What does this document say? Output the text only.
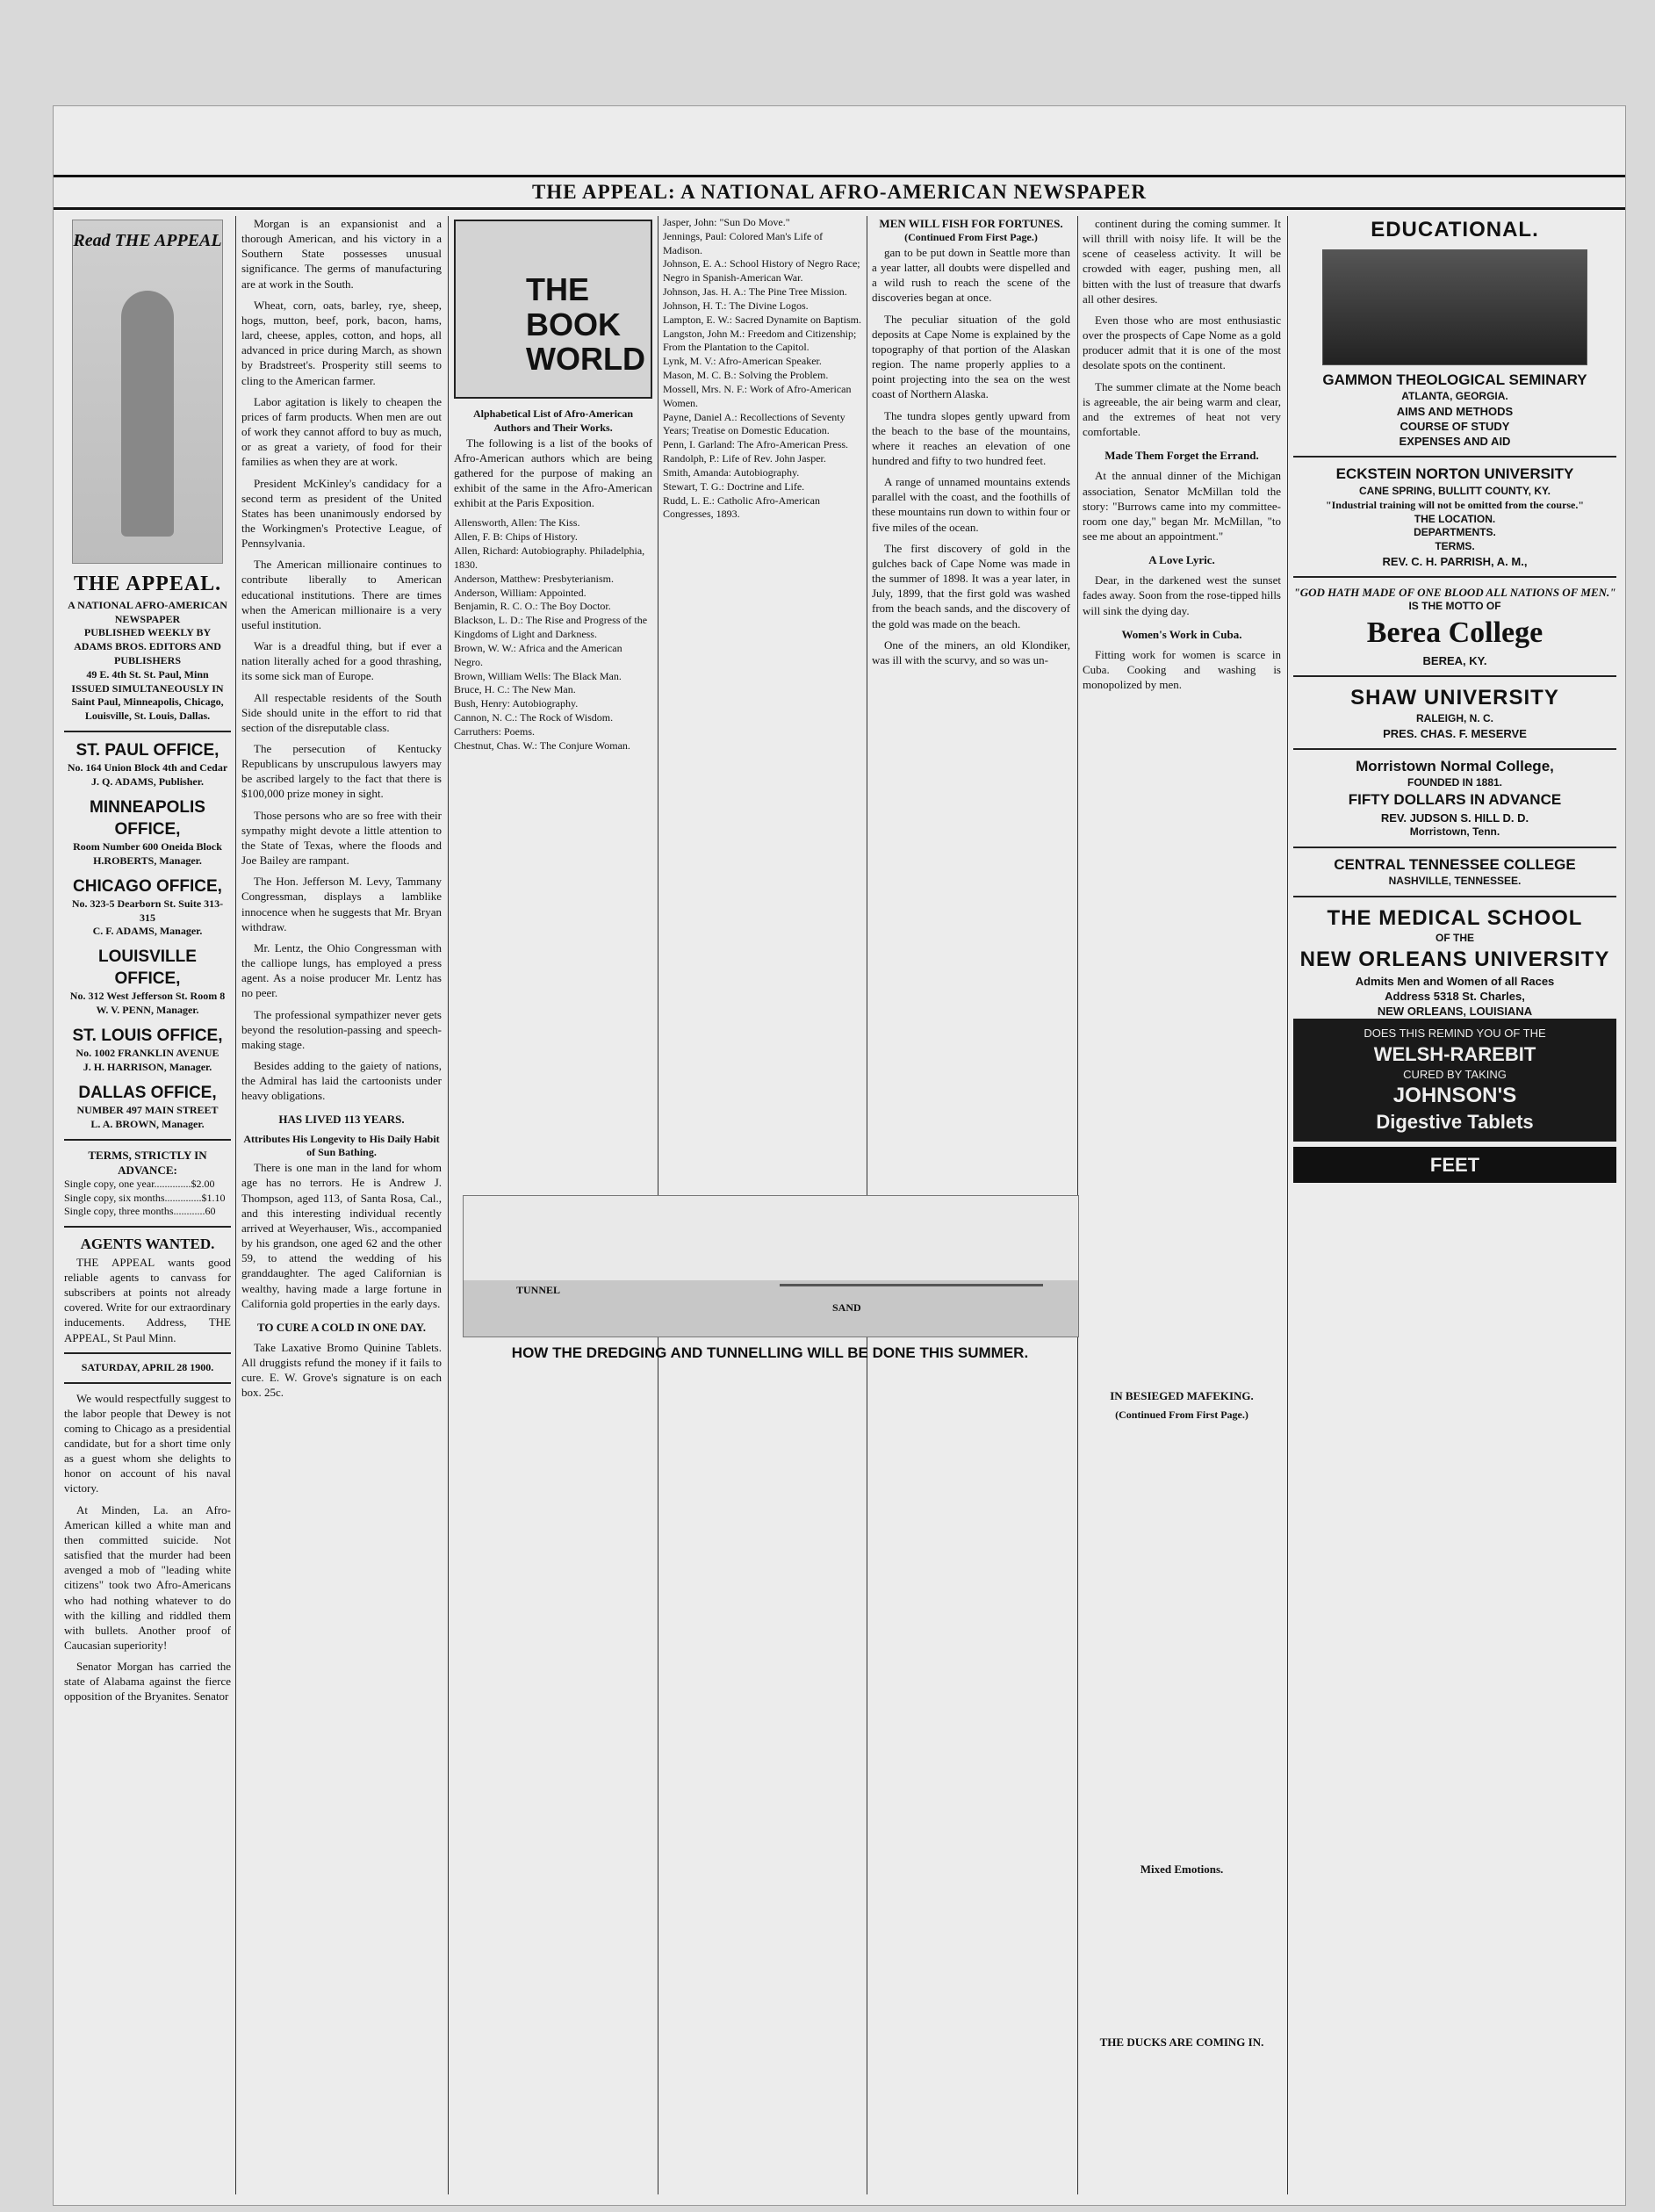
THE APPEAL: A NATIONAL AFRO-AMERICAN NEWSPAPER
Read THE APPEAL
THE APPEAL.
A NATIONAL AFRO-AMERICAN NEWSPAPER
PUBLISHED WEEKLY BY
ADAMS BROS. EDITORS AND PUBLISHERS
49 E. 4th St. St. Paul, Minn
ISSUED SIMULTANEOUSLY IN
Saint Paul, Minneapolis, Chicago, Louisville, St. Louis, Dallas.
ST. PAUL OFFICE,
No. 164 Union Block 4th and Cedar
J. Q. ADAMS, Publisher.
MINNEAPOLIS OFFICE,
Room Number 600 Oneida Block
H.ROBERTS, Manager.
CHICAGO OFFICE,
No. 323-5 Dearborn St. Suite 313-315
C. F. ADAMS, Manager.
LOUISVILLE OFFICE,
No. 312 West Jefferson St. Room 8
W. V. PENN, Manager.
ST. LOUIS OFFICE,
No. 1002 FRANKLIN AVENUE
J. H. HARRISON, Manager.
DALLAS OFFICE,
NUMBER 497 MAIN STREET
L. A. BROWN, Manager.
TERMS, STRICTLY IN ADVANCE:
Single copy, one year..............$2.00
Single copy, six months..............$1.10
Single copy, three months............60
AGENTS WANTED.

THE APPEAL wants good reliable agents to canvass for subscribers at points not already covered. Write for our extraordinary inducements. Address, THE APPEAL, St Paul Minn.

SATURDAY, APRIL 28 1900.

We would respectfully suggest to the labor people that Dewey is not coming to Chicago as a presidential candidate, but for a short time only as a guest whom she delights to honor on account of his naval victory.

At Minden, La. an Afro-American killed a white man and then committed suicide. Not satisfied that the murder had been avenged a mob of "leading white citizens" took two Afro-Americans who had nothing whatever to do with the killing and riddled them with bullets. Another proof of Caucasian superiority!

Senator Morgan has carried the state of Alabama against the fierce opposition of the Bryanites. Senator

Morgan is an expansionist and a thorough American, and his victory in a Southern State possesses unusual significance. The germs of manufacturing are at work in the South.

Wheat, corn, oats, barley, rye, sheep, hogs, mutton, beef, pork, bacon, hams, lard, cheese, apples, cotton, and hops, all advanced in price during March, as shown by Bradstreet's. Prosperity still seems to cling to the American farmer.

Labor agitation is likely to cheapen the prices of farm products. When men are out of work they cannot afford to buy as much, or as great a variety, of food for their families as when they are at work.

President McKinley's candidacy for a second term as president of the United States has been unanimously endorsed by the Workingmen's Protective League, of Pennsylvania.

The American millionaire continues to contribute liberally to American educational institutions. There are times when the American millionaire is a very useful institution.

War is a dreadful thing, but if ever a nation literally ached for a good thrashing, its some sick man of Europe.

All respectable residents of the South Side should unite in the effort to rid that section of the disreputable class.

The persecution of Kentucky Republicans by unscrupulous lawyers may be ascribed largely to the fact that there is $100,000 prize money in sight.

Those persons who are so free with their sympathy might devote a little attention to the State of Texas, where the floods and Joe Bailey are rampant.

The Hon. Jefferson M. Levy, Tammany Congressman, displays a lamblike innocence when he suggests that Mr. Bryan withdraw.

Mr. Lentz, the Ohio Congressman with the calliope lungs, has employed a press agent. As a noise producer Mr. Lentz has no peer.

The professional sympathizer never gets beyond the resolution-passing and speech-making stage.

Besides adding to the gaiety of nations, the Admiral has laid the cartoonists under heavy obligations.

HAS LIVED 113 YEARS.
Attributes His Longevity to His Daily Habit of Sun Bathing.

There is one man in the land for whom age has no terrors. He is Andrew J. Thompson, aged 113, of Santa Rosa, Cal., and this interesting individual recently arrived at Weyerhauser, Wis., accompanied by his grandson, one aged 62 and the other 59, to attend the wedding of his granddaughter. The aged Californian is wealthy, having made a large fortune in California gold properties in the early days.

TO CURE A COLD IN ONE DAY.

Take Laxative Bromo Quinine Tablets. All druggists refund the money if it fails to cure. E. W. Grove's signature is on each box. 25c.

THE BOOK WORLD
Alphabetical List of Afro-American Authors and Their Works.

The following is a list of the books of Afro-American authors which are being gathered for the purpose of making an exhibit of the same in the Afro-American exhibit at the Paris Exposition.

Allensworth, Allen: The Kiss.
Allen, F. B: Chips of History.
Allen, Richard: Autobiography. Philadelphia, 1830.
Anderson, Matthew: Presbyterianism.
Anderson, William: Appointed.
Benjamin, R. C. O.: The Boy Doctor.
Blackson, L. D.: The Rise and Progress of the Kingdoms of Light and Darkness.
Brown, W. W.: Africa and the American Negro.
Brown, William Wells: The Black Man.
Bruce, H. C.: The New Man.
Bush, Henry: Autobiography.
Cannon, N. C.: The Rock of Wisdom.
Carruthers: Poems.
Chestnut, Chas. W.: The Conjure Woman.
Jasper, John: "Sun Do Move."
Jennings, Paul: Colored Man's Life of Madison.
Johnson, E. A.: School History of Negro Race; Negro in Spanish-American War.
Johnson, Jas. H. A.: The Pine Tree Mission.
Johnson, H. T.: The Divine Logos.
Lampton, E. W.: Sacred Dynamite on Baptism.
Langston, John M.: Freedom and Citizenship; From the Plantation to the Capitol.
Lynk, M. V.: Afro-American Speaker.
Mason, M. C. B.: Solving the Problem.
Mossell, Mrs. N. F.: Work of Afro-American Women.
Payne, Daniel A.: Recollections of Seventy Years; Treatise on Domestic Education.
Penn, I. Garland: The Afro-American Press.
Randolph, P.: Life of Rev. John Jasper.
Smith, Amanda: Autobiography.
Stewart, T. G.: Doctrine and Life.
Rudd, L. E.: Catholic Afro-American Congresses, 1893.
MEN WILL FISH FOR FORTUNES.
(Continued From First Page.)

gan to be put down in Seattle more than a year latter, all doubts were dispelled and a wild rush to reach the scene of the discoveries began at once.

The peculiar situation of the gold deposits at Cape Nome is explained by the topography of that portion of the Alaskan region. The name properly applies to a point projecting into the sea on the west coast of Northern Alaska.

The tundra slopes gently upward from the beach to the base of the mountains, where it reaches an elevation of one hundred and fifty to two hundred feet.

A range of unnamed mountains extends parallel with the coast, and the foothills of these mountains run down to within four or five miles of the ocean.

The first discovery of gold in the gulches back of Cape Nome was made in the summer of 1898. It was a year later, in July, 1899, that the first gold was washed from the beach sands, and the discovery of the gold was made on the beach.

One of the miners, an old Klondiker, was ill with the scurvy, and so was un-

continent during the coming summer. It will thrill with noisy life. It will be the scene of ceaseless activity. It will be crowded with eager, pushing men, all bitten with the lust of treasure that dwarfs all other desires.

Even those who are most enthusiastic over the prospects of Cape Nome as a gold producer admit that it is one of the most desolate spots on the continent.

The summer climate at the Nome beach is agreeable, the air being warm and clear, and the extremes of heat not very comfortable.

Made Them Forget the Errand.

At the annual dinner of the Michigan association, Senator McMillan told the story: "Burrows came into my committee-room one day," began Mr. McMillan, "to see me about an appointment."

A Love Lyric.

Dear, in the darkened west the sunset fades away. Soon from the rose-tipped hills will sink the dying day.

Women's Work in Cuba.

Fitting work for women is scarce in Cuba. Cooking and washing is monopolized by men.

EDUCATIONAL.
GAMMON THEOLOGICAL SEMINARY
ATLANTA, GEORGIA.
AIMS AND METHODS
COURSE OF STUDY
EXPENSES AND AID
ECKSTEIN NORTON UNIVERSITY
CANE SPRING, BULLITT COUNTY, KY.
"Industrial training will not be omitted from the course."
THE LOCATION.
DEPARTMENTS.
TERMS.
REV. C. H. PARRISH, A. M.,
"GOD HATH MADE OF ONE BLOOD ALL NATIONS OF MEN."
IS THE MOTTO OF
Berea College
BEREA, KY.
SHAW UNIVERSITY
RALEIGH, N. C.
PRES. CHAS. F. MESERVE
Morristown Normal College,
FOUNDED IN 1881.
FIFTY DOLLARS IN ADVANCE
REV. JUDSON S. HILL D. D.
Morristown, Tenn.
CENTRAL TENNESSEE COLLEGE
NASHVILLE, TENNESSEE.
THE MEDICAL SCHOOL
OF THE
NEW ORLEANS UNIVERSITY
Admits Men and Women of all Races
Address 5318 St. Charles,
NEW ORLEANS, LOUISIANA
DOES THIS REMIND YOU OF THE
WELSH-RAREBIT
CURED BY TAKING
JOHNSON'S
Digestive Tablets
FEET
TUNNEL
SAND
HOW THE DREDGING AND TUNNELLING WILL BE DONE THIS SUMMER.
IN BESIEGED MAFEKING.
(Continued From First Page.)
Mixed Emotions.
THE DUCKS ARE COMING IN.
